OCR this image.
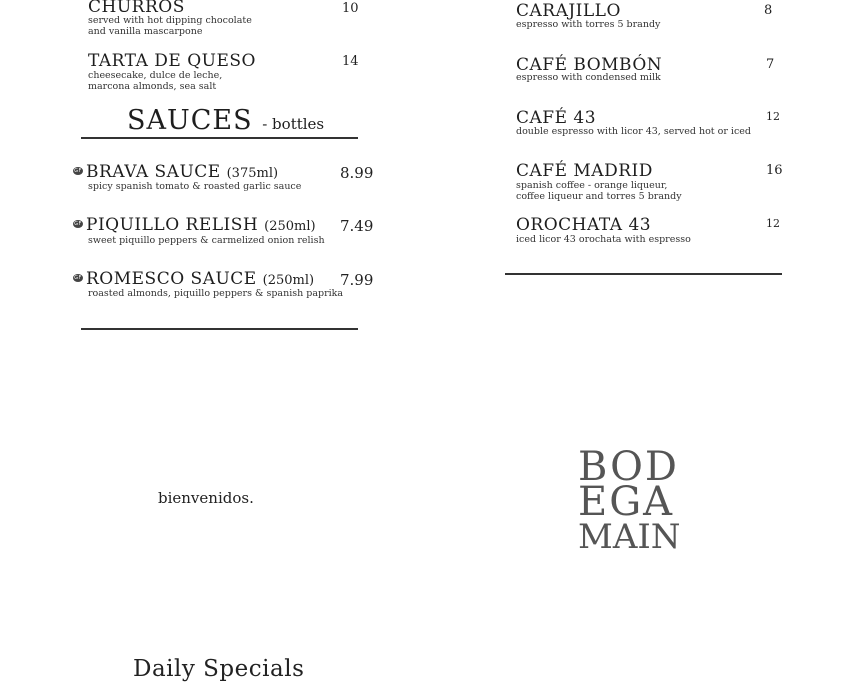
CHURROS	10
served with hot dipping chocolate
and vanilla mascarpone
TARTA DE QUESO	14
cheesecake, dulce de leche,
marcona almonds, sea salt
SAUCES - bottles
GF BRAVA SAUCE (375ml)	8.99
spicy spanish tomato & roasted garlic sauce
GF PIQUILLO RELISH (250ml) 7.49
sweet piquillo peppers & carmelized onion relish
GF ROMESCO SAUCE (250ml) 7.99
roasted almonds, piquillo peppers & spanish paprika
CARAJILLO	8
espresso with torres 5 brandy
CAFÉ BOMBÓN	7
espresso with condensed milk
CAFÉ 43	12
double espresso with licor 43, served hot or iced
CAFÉ MADRID	16
spanish coffee - orange liqueur,
coffee liqueur and torres 5 brandy
OROCHATA 43	12
iced licor 43 orochata with espresso
bienvenidos.
BOD
EGA
MAIN
Daily Specials
